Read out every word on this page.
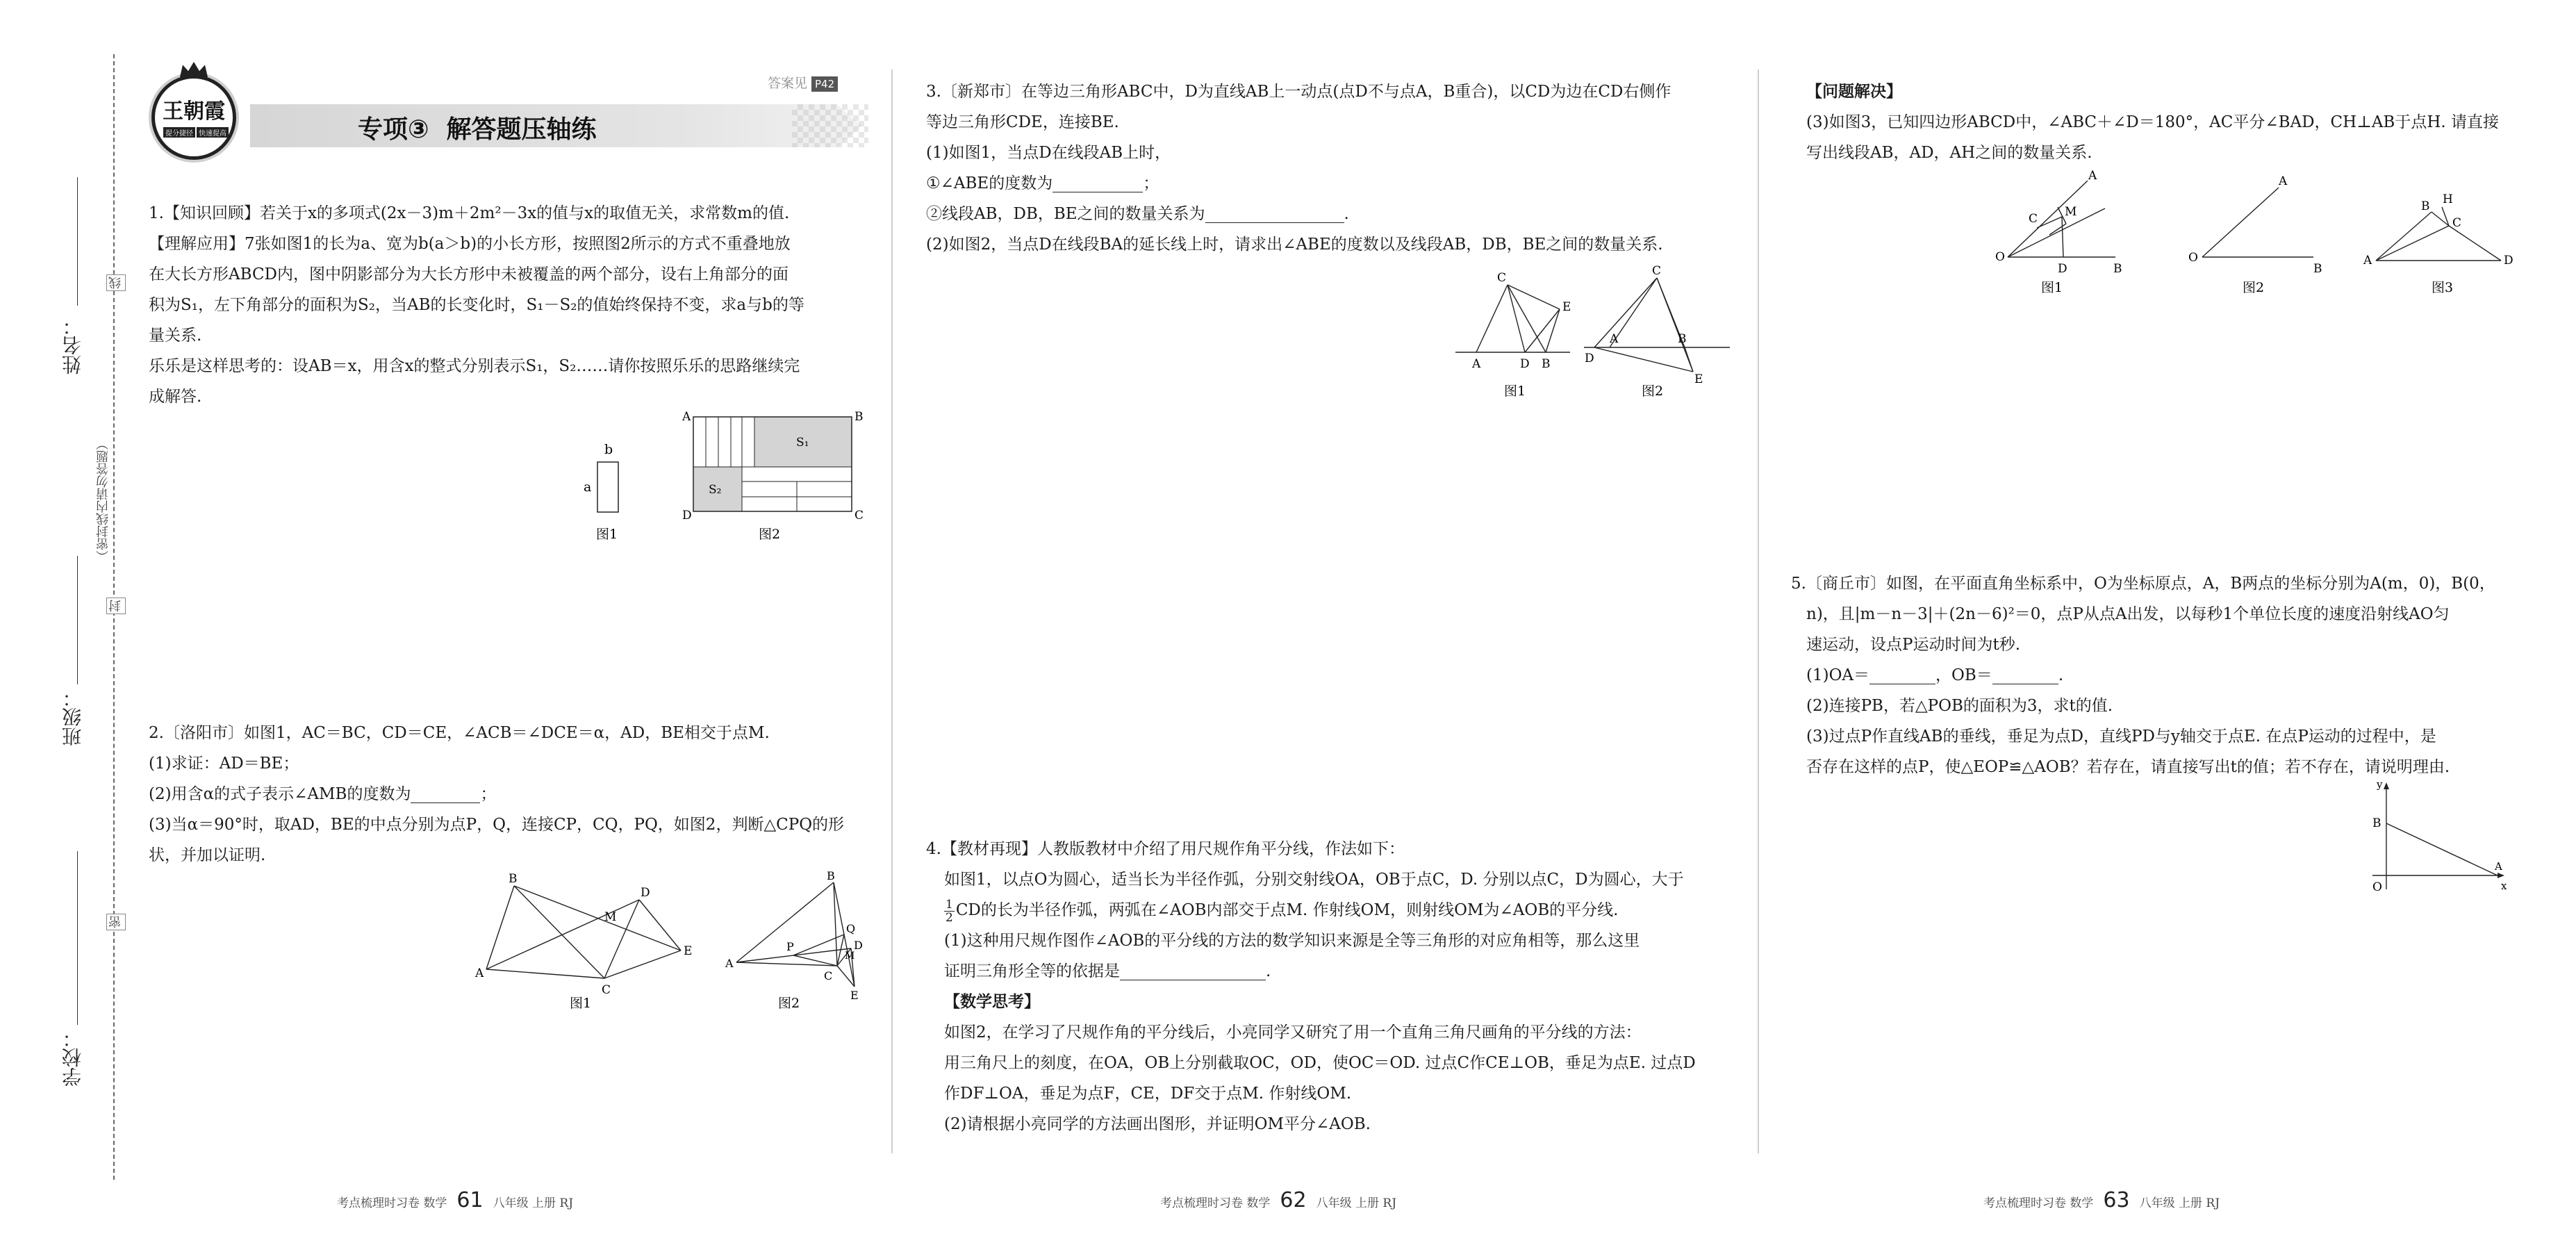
姓名：
班级：
学校：
（密封线内请勿答题）
线
封
密
王朝霞
提分捷径 快速提高	专项③  解答题压轴练
答案见 P42
1.【知识回顾】若关于x的多项式(2x－3)m＋2m²－3x的值与x的取值无关，求常数m的值.
【理解应用】7张如图1的长为a、宽为b(a＞b)的小长方形，按照图2所示的方式不重叠地放
在大长方形ABCD内，图中阴影部分为大长方形中未被覆盖的两个部分，设右上角部分的面
积为S₁，左下角部分的面积为S₂，当AB的长变化时，S₁－S₂的值始终保持不变，求a与b的等
量关系.
乐乐是这样思考的：设AB＝x，用含x的整式分别表示S₁，S₂……请你按照乐乐的思路继续完
成解答.
b
a
图1
A	B
D	C
S₁
S₂
图2
2.〔洛阳市〕如图1，AC＝BC，CD＝CE，∠ACB＝∠DCE＝α，AD，BE相交于点M.
(1)求证：AD＝BE；
(2)用含α的式子表示∠AMB的度数为	；
(3)当α＝90°时，取AD，BE的中点分别为点P，Q，连接CP，CQ，PQ，如图2，判断△CPQ的形
状，并加以证明.
B
A
C
D
E
M
图1
B
A
P
Q
D
M
C
E
图2
3.〔新郑市〕在等边三角形ABC中，D为直线AB上一动点(点D不与点A，B重合)，以CD为边在CD右侧作
等边三角形CDE，连接BE.
(1)如图1，当点D在线段AB上时，
①∠ABE的度数为	；
②线段AB，DB，BE之间的数量关系为	.
(2)如图2，当点D在线段BA的延长线上时，请求出∠ABE的度数以及线段AB，DB，BE之间的数量关系.
C
E
A	D B
图1
C
A	B
D
E
图2
4.【教材再现】人教版教材中介绍了用尺规作角平分线，作法如下：
如图1，以点O为圆心，适当长为半径作弧，分别交射线OA，OB于点C，D. 分别以点C，D为圆心，大于
$\frac{1}{2}$ CD的长为半径作弧，两弧在∠AOB内部交于点M. 作射线OM，则射线OM为∠AOB的平分线.
(1)这种用尺规作图作∠AOB的平分线的方法的数学知识来源是全等三角形的对应角相等，那么这里
证明三角形全等的依据是	.
【数学思考】
如图2，在学习了尺规作角的平分线后，小亮同学又研究了用一个直角三角尺画角的平分线的方法：
用三角尺上的刻度，在OA，OB上分别截取OC，OD，使OC＝OD. 过点C作CE⊥OB，垂足为点E. 过点D
作DF⊥OA，垂足为点F，CE，DF交于点M. 作射线OM.
(2)请根据小亮同学的方法画出图形，并证明OM平分∠AOB.
【问题解决】
(3)如图3，已知四边形ABCD中，∠ABC＋∠D＝180°，AC平分∠BAD，CH⊥AB于点H. 请直接
写出线段AB，AD，AH之间的数量关系.
A
C M
O
D	B
图1
A
O
B
图2
B H
C
A	D
图3
5.〔商丘市〕如图，在平面直角坐标系中，O为坐标原点，A，B两点的坐标分别为A(m，0)，B(0，
n)，且|m－n－3|＋(2n－6)²＝0，点P从点A出发，以每秒1个单位长度的速度沿射线AO匀
速运动，设点P运动时间为t秒.
(1)OA＝	，OB＝	.
(2)连接PB，若△POB的面积为3，求t的值.
(3)过点P作直线AB的垂线，垂足为点D，直线PD与y轴交于点E. 在点P运动的过程中，是
否存在这样的点P，使△EOP≌△AOB？若存在，请直接写出t的值；若不存在，请说明理由.
y
B
O
A
x
考点梳理时习卷 数学 61 八年级 上册 RJ	考点梳理时习卷 数学 62 八年级 上册 RJ	考点梳理时习卷 数学 63 八年级 上册 RJ
